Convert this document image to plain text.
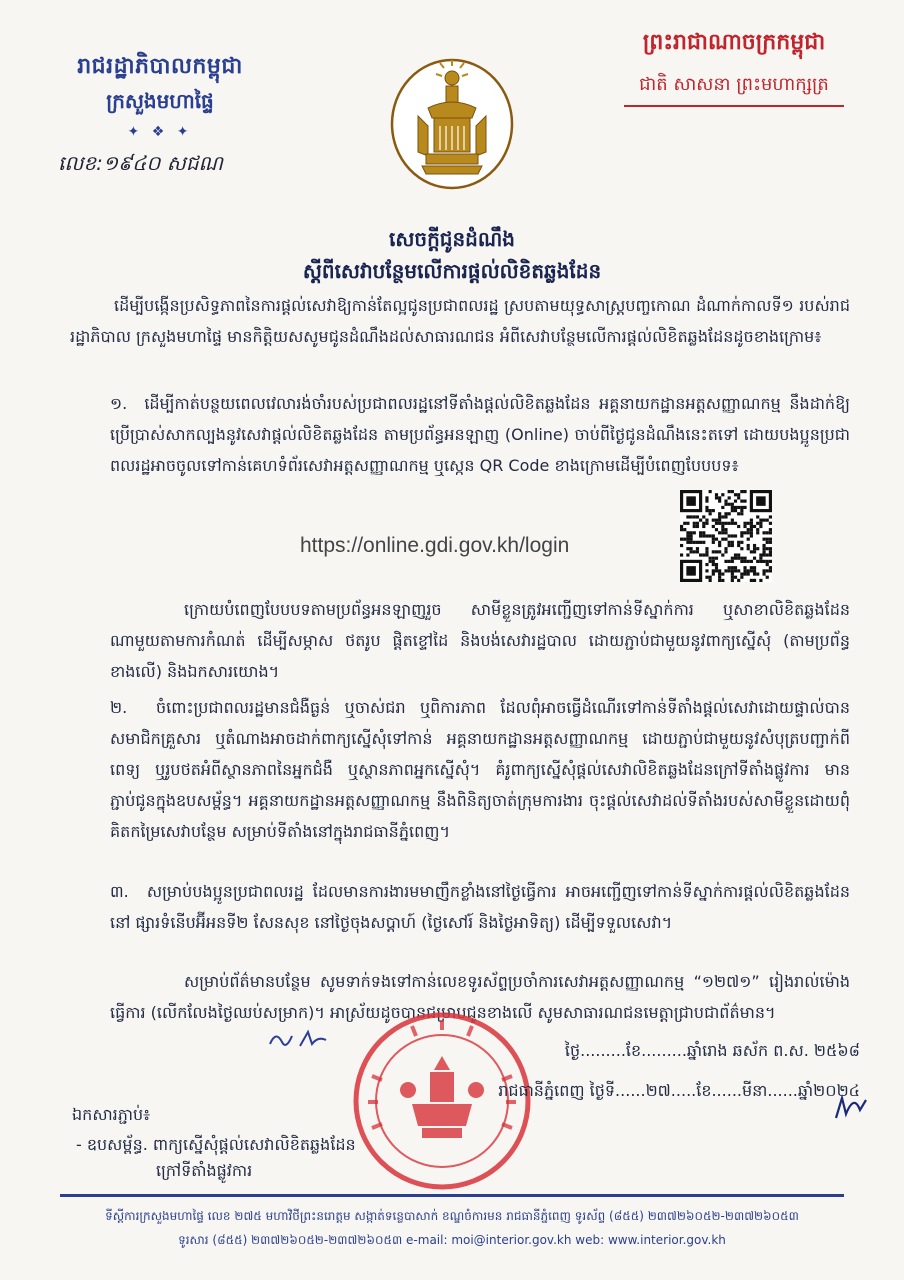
រាជរដ្ឋាភិបាលកម្ពុជា
ក្រសួងមហាផ្ទៃ
✦ ❖ ✦
លេខ:១៩៤០ សជណ
ព្រះរាជាណាចក្រកម្ពុជា
ជាតិ សាសនា ព្រះមហាក្សត្រ
សេចក្តីជូនដំណឹង
ស្តីពីសេវាបន្ថែមលើការផ្តល់លិខិតឆ្លងដែន
ដើម្បីបង្កើនប្រសិទ្ធភាពនៃការផ្តល់សេវាឱ្យកាន់តែល្អជូនប្រជាពលរដ្ឋ ស្របតាមយុទ្ធសាស្ត្របញ្ចកោណ ដំណាក់កាលទី១ របស់រាជរដ្ឋាភិបាល ក្រសួងមហាផ្ទៃ មានកិត្តិយសសូមជូនដំណឹងដល់សាធារណជន អំពីសេវាបន្ថែមលើការផ្តល់លិខិតឆ្លងដែនដូចខាងក្រោម៖
១. ដើម្បីកាត់បន្ថយពេលវេលារង់ចាំរបស់ប្រជាពលរដ្ឋនៅទីតាំងផ្តល់លិខិតឆ្លងដែន អគ្គនាយកដ្ឋានអត្តសញ្ញាណកម្ម នឹងដាក់ឱ្យប្រើប្រាស់សាកល្បងនូវសេវាផ្តល់លិខិតឆ្លងដែន តាមប្រព័ន្ធអនឡាញ (Online) ចាប់ពីថ្ងៃជូនដំណឹងនេះតទៅ ដោយបងប្អូនប្រជាពលរដ្ឋអាចចូលទៅកាន់គេហទំព័រសេវាអត្តសញ្ញាណកម្ម ឬស្កេន QR Code ខាងក្រោមដើម្បីបំពេញបែបបទ៖
https://online.gdi.gov.kh/login
ក្រោយបំពេញបែបបទតាមប្រព័ន្ធអនឡាញរួច សាមីខ្លួនត្រូវអញ្ជើញទៅកាន់ទីស្នាក់ការ ឬសាខាលិខិតឆ្លងដែនណាមួយតាមការកំណត់ ដើម្បីសម្ភាស ថតរូប ផ្តិតខ្ទៅដៃ និងបង់សេវារដ្ឋបាល ដោយភ្ជាប់ជាមួយនូវពាក្យស្នើសុំ (តាមប្រព័ន្ធខាងលើ) និងឯកសារយោង។
២. ចំពោះប្រជាពលរដ្ឋមានជំងឺធ្ងន់ ឬចាស់ជរា ឬពិការភាព ដែលពុំអាចធ្វើដំណើរទៅកាន់ទីតាំងផ្តល់សេវាដោយផ្ទាល់បាន សមាជិកគ្រួសារ ឬតំណាងអាចដាក់ពាក្យស្នើសុំទៅកាន់ អគ្គនាយកដ្ឋានអត្តសញ្ញាណកម្ម ដោយភ្ជាប់ជាមួយនូវសំបុត្របញ្ជាក់ពីពេទ្យ ឬរូបថតអំពីស្ថានភាពនៃអ្នកជំងឺ ឬស្ថានភាពអ្នកស្នើសុំ។ គំរូពាក្យស្នើសុំផ្តល់សេវាលិខិតឆ្លងដែនក្រៅទីតាំងផ្លូវការ មានភ្ជាប់ជូនក្នុងឧបសម្ព័ន្ធ។ អគ្គនាយកដ្ឋានអត្តសញ្ញាណកម្ម នឹងពិនិត្យចាត់ក្រុមការងារ ចុះផ្តល់សេវាដល់ទីតាំងរបស់សាមីខ្លួនដោយពុំគិតកម្រៃសេវាបន្ថែម សម្រាប់ទីតាំងនៅក្នុងរាជធានីភ្នំពេញ។
៣. សម្រាប់បងប្អូនប្រជាពលរដ្ឋ ដែលមានការងារមមាញឹកខ្លាំងនៅថ្ងៃធ្វើការ អាចអញ្ជើញទៅកាន់ទីស្នាក់ការផ្តល់លិខិតឆ្លងដែននៅ ផ្សារទំនើបអ៊ីអនទី២ សែនសុខ នៅថ្ងៃចុងសប្តាហ៍ (ថ្ងៃសៅរ៍ និងថ្ងៃអាទិត្យ) ដើម្បីទទួលសេវា។
សម្រាប់ព័ត៌មានបន្ថែម សូមទាក់ទងទៅកាន់លេខទូរស័ព្ទប្រចាំការសេវាអត្តសញ្ញាណកម្ម “១២៧១” រៀងរាល់ម៉ោងធ្វើការ (លើកលែងថ្ងៃឈប់សម្រាក)។ អាស្រ័យដូចបានជម្រាបជូនខាងលើ សូមសាធារណជនមេត្តាជ្រាបជាព័ត៌មាន។
ថ្ងៃ.........ខែ.........ឆ្នាំរោង ឆស័ក ព.ស. ២៥៦៨
រាជធានីភ្នំពេញ ថ្ងៃទី......២៧.....ខែ......មីនា......ឆ្នាំ២០២៤
ឯកសារភ្ជាប់៖
- ឧបសម្ព័ន្ធ. ពាក្យស្នើសុំផ្តល់សេវាលិខិតឆ្លងដែន
ក្រៅទីតាំងផ្លូវការ
ទីស្តីការក្រសួងមហាផ្ទៃ លេខ ២៧៥ មហាវិថីព្រះនរោត្តម សង្កាត់ទន្លេបាសាក់ ខណ្ឌចំការមន រាជធានីភ្នំពេញ ទូរស័ព្ទ (៨៥៥) ២៣៧២៦០៥២-២៣៧២៦០៥៣
ទូរសារ (៨៥៥) ២៣៧២៦០៥២-២៣៧២៦០៥៣ e-mail: moi@interior.gov.kh web: www.interior.gov.kh
